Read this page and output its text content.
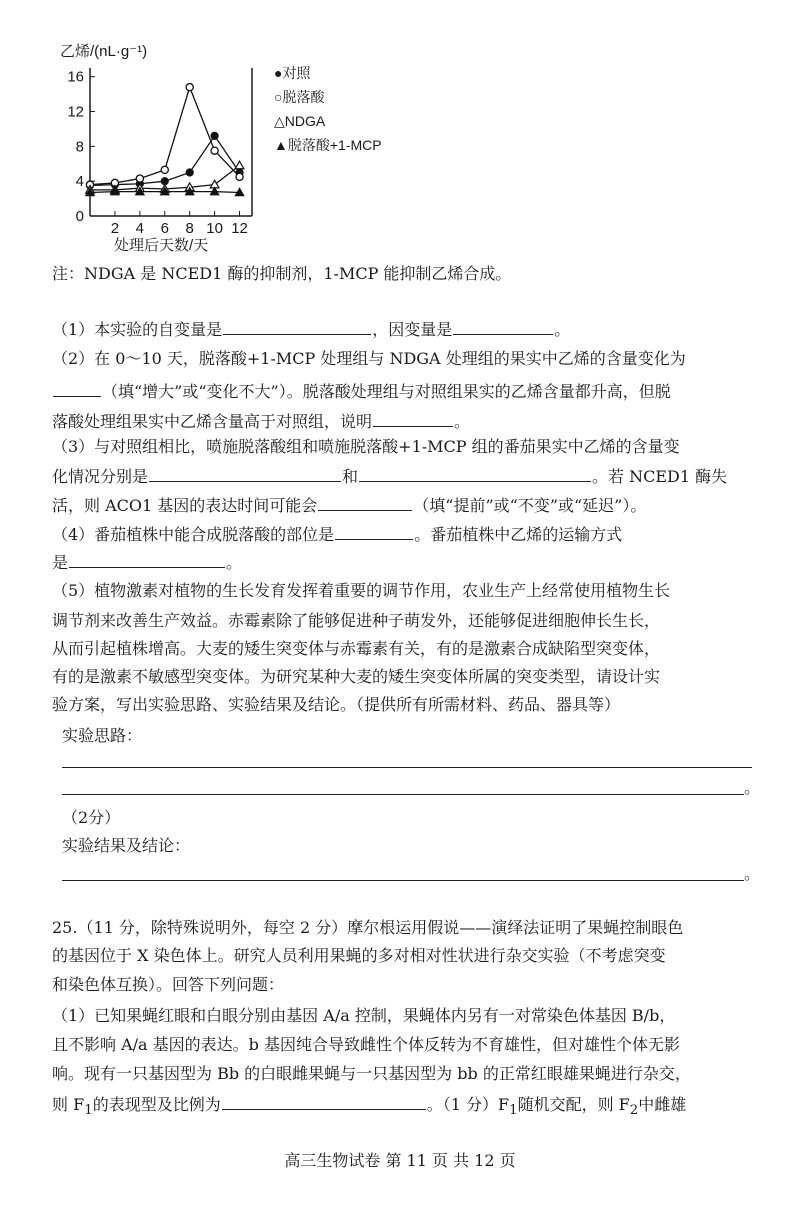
乙烯/(nL·g⁻¹)
处理后天数/天
0
4
8
12
16
2 4 6 8 10 12
●对照
○脱落酸
△NDGA
▲脱落酸+1-MCP
注：NDGA 是 NCED1 酶的抑制剂，1-MCP 能抑制乙烯合成。
（1）本实验的自变量是	，因变量是	。
（2）在 0～10 天，脱落酸+1-MCP 处理组与 NDGA 处理组的果实中乙烯的含量变化为
（填“增大”或“变化不大”）。脱落酸处理组与对照组果实的乙烯含量都升高，但脱
落酸处理组果实中乙烯含量高于对照组，说明	。
（3）与对照组相比，喷施脱落酸组和喷施脱落酸+1-MCP 组的番茄果实中乙烯的含量变
化情况分别是	和	。若 NCED1 酶失
活，则 ACO1 基因的表达时间可能会	（填“提前”或“不变”或“延迟”）。
（4）番茄植株中能合成脱落酸的部位是	。番茄植株中乙烯的运输方式
是	。
（5）植物激素对植物的生长发育发挥着重要的调节作用，农业生产上经常使用植物生长
调节剂来改善生产效益。赤霉素除了能够促进种子萌发外，还能够促进细胞伸长生长，
从而引起植株增高。大麦的矮生突变体与赤霉素有关，有的是激素合成缺陷型突变体，
有的是激素不敏感型突变体。为研究某种大麦的矮生突变体所属的突变类型，请设计实
验方案，写出实验思路、实验结果及结论。（提供所有所需材料、药品、器具等）
实验思路：
。
（2分）
实验结果及结论：
。
25.（11 分，除特殊说明外，每空 2 分）摩尔根运用假说——演绎法证明了果蝇控制眼色
的基因位于 X 染色体上。研究人员利用果蝇的多对相对性状进行杂交实验（不考虑突变
和染色体互换）。回答下列问题：
（1）已知果蝇红眼和白眼分别由基因 A/a 控制，果蝇体内另有一对常染色体基因 B/b，
且不影响 A/a 基因的表达。b 基因纯合导致雌性个体反转为不育雄性，但对雄性个体无影
响。现有一只基因型为 Bb 的白眼雌果蝇与一只基因型为 bb 的正常红眼雄果蝇进行杂交，
则 $F_1$的表现型及比例为	。（1 分）$F_1$随机交配，则 $F_2$中雌雄
高三生物试卷 第 11 页 共 12 页
